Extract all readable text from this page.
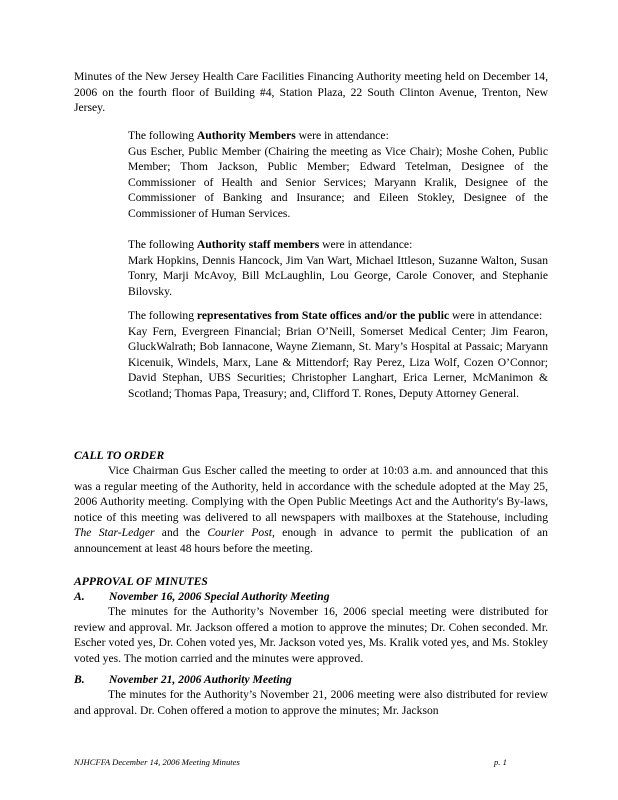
Minutes of the New Jersey Health Care Facilities Financing Authority meeting held on December 14, 2006 on the fourth floor of Building #4, Station Plaza, 22 South Clinton Avenue, Trenton, New Jersey.

The following Authority Members were in attendance:

Gus Escher, Public Member (Chairing the meeting as Vice Chair); Moshe Cohen, Public Member; Thom Jackson, Public Member; Edward Tetelman, Designee of the Commissioner of Health and Senior Services; Maryann Kralik, Designee of the Commissioner of Banking and Insurance; and Eileen Stokley, Designee of the Commissioner of Human Services.

The following Authority staff members were in attendance:

Mark Hopkins, Dennis Hancock, Jim Van Wart, Michael Ittleson, Suzanne Walton, Susan Tonry, Marji McAvoy, Bill McLaughlin, Lou George, Carole Conover, and Stephanie Bilovsky.

The following representatives from State offices and/or the public were in attendance:

Kay Fern, Evergreen Financial; Brian O’Neill, Somerset Medical Center; Jim Fearon, GluckWalrath; Bob Iannacone, Wayne Ziemann, St. Mary’s Hospital at Passaic; Maryann Kicenuik, Windels, Marx, Lane & Mittendorf; Ray Perez, Liza Wolf, Cozen O’Connor; David Stephan, UBS Securities; Christopher Langhart, Erica Lerner, McManimon & Scotland; Thomas Papa, Treasury; and, Clifford T. Rones, Deputy Attorney General.

CALL TO ORDER

Vice Chairman Gus Escher called the meeting to order at 10:03 a.m. and announced that this was a regular meeting of the Authority, held in accordance with the schedule adopted at the May 25, 2006 Authority meeting. Complying with the Open Public Meetings Act and the Authority's By-laws, notice of this meeting was delivered to all newspapers with mailboxes at the Statehouse, including The Star-Ledger and the Courier Post, enough in advance to permit the publication of an announcement at least 48 hours before the meeting.

APPROVAL OF MINUTES
A. November 16, 2006 Special Authority Meeting

The minutes for the Authority’s November 16, 2006 special meeting were distributed for review and approval. Mr. Jackson offered a motion to approve the minutes; Dr. Cohen seconded. Mr. Escher voted yes, Dr. Cohen voted yes, Mr. Jackson voted yes, Ms. Kralik voted yes, and Ms. Stokley voted yes. The motion carried and the minutes were approved.

B. November 21, 2006 Authority Meeting

The minutes for the Authority’s November 21, 2006 meeting were also distributed for review and approval. Dr. Cohen offered a motion to approve the minutes; Mr. Jackson

NJHCFFA December 14, 2006 Meeting Minutes	p. 1
